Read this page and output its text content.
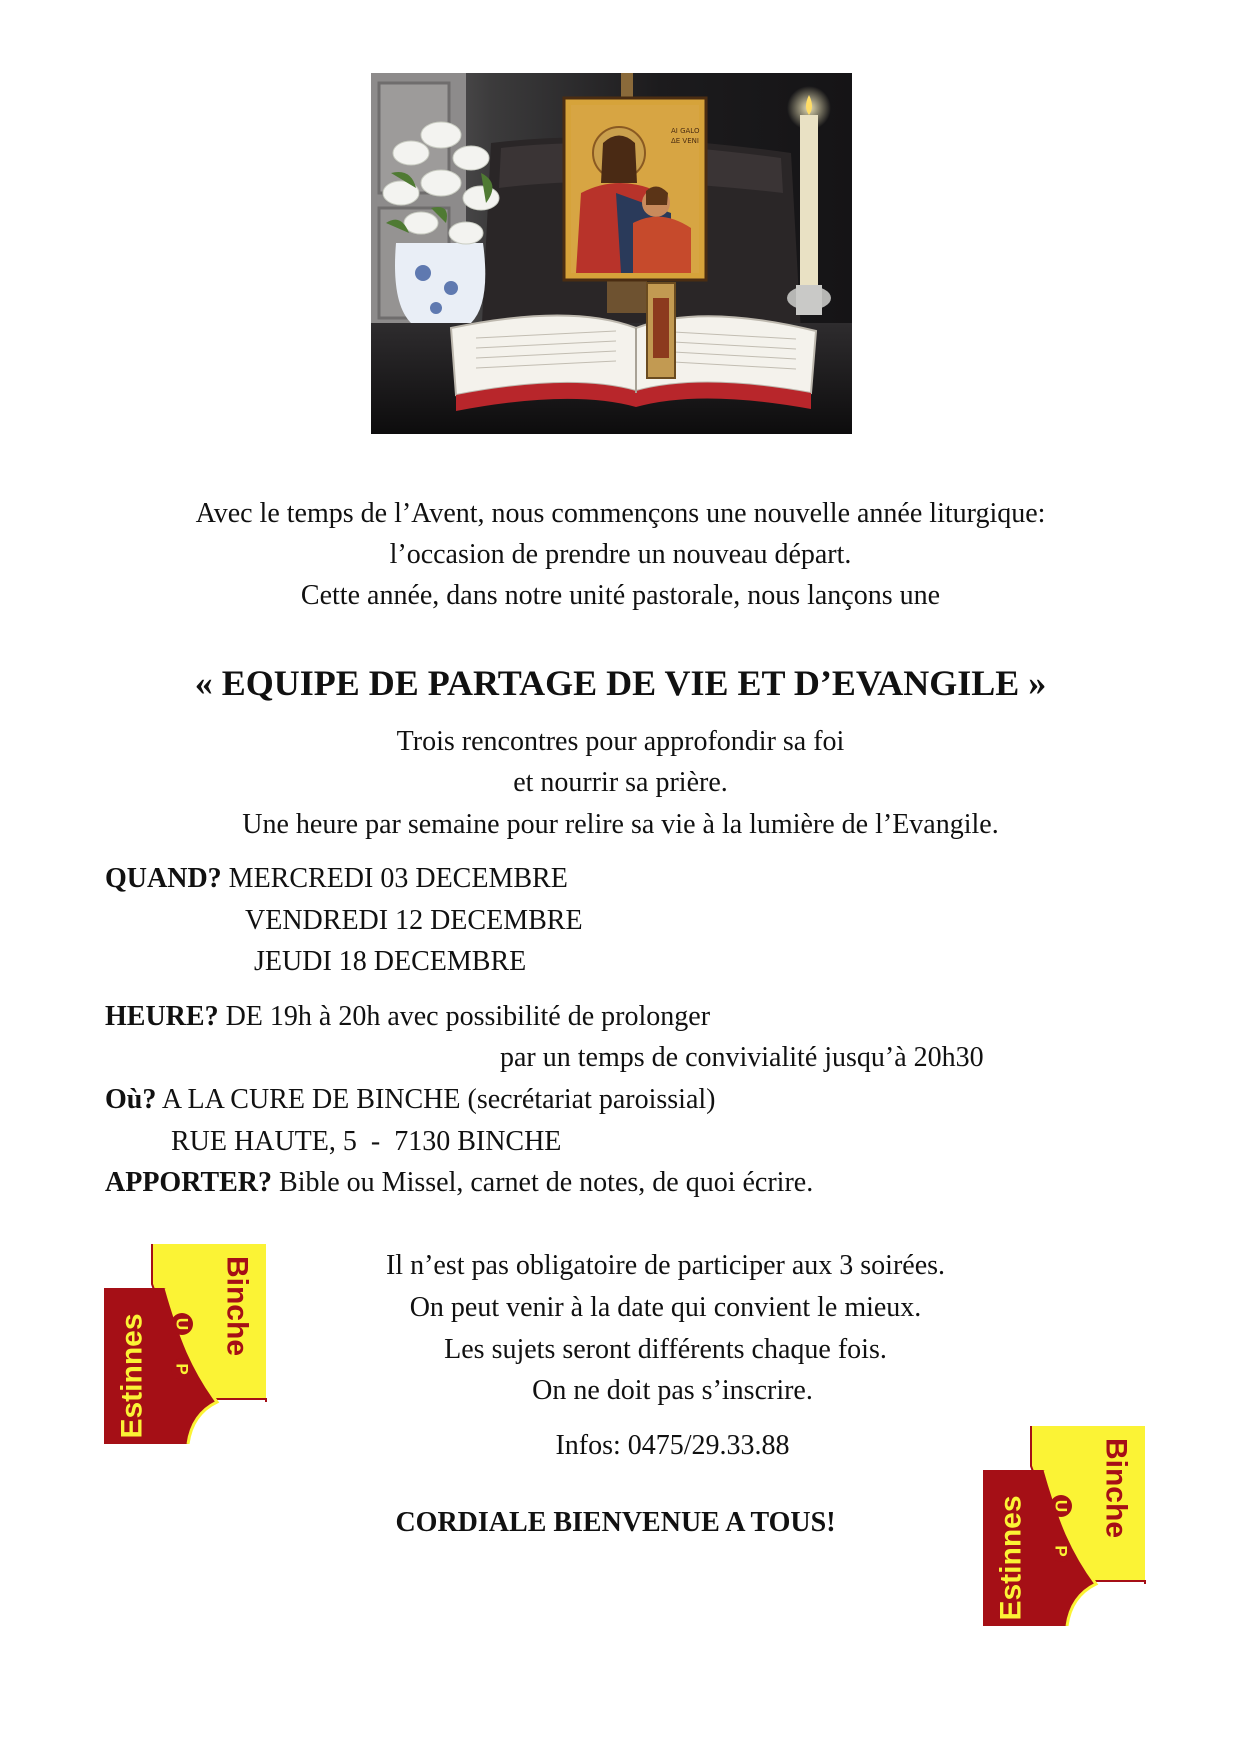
AI GALO
ΔE VENI
Avec le temps de l’Avent, nous commençons une nouvelle année liturgique:
l’occasion de prendre un nouveau départ.
Cette année, dans notre unité pastorale, nous lançons une
« EQUIPE DE PARTAGE DE VIE ET D’EVANGILE »
Trois rencontres pour approfondir sa foi
et nourrir sa prière.
Une heure par semaine pour relire sa vie à la lumière de l’Evangile.
QUAND? MERCREDI 03 DECEMBRE
VENDREDI 12 DECEMBRE
JEUDI 18 DECEMBRE
HEURE? DE 19h à 20h avec possibilité de prolonger
par un temps de convivialité jusqu’à 20h30
Où? A LA CURE DE BINCHE (secrétariat paroissial)
RUE HAUTE, 5  -  7130 BINCHE
APPORTER? Bible ou Missel, carnet de notes, de quoi écrire.
Il n’est pas obligatoire de participer aux 3 soirées.
On peut venir à la date qui convient le mieux.
Les sujets seront différents chaque fois.
On ne doit pas s’inscrire.
Infos: 0475/29.33.88
CORDIALE BIENVENUE A TOUS!
U
P
Binche
Estinnes
U
P
Binche
Estinnes
